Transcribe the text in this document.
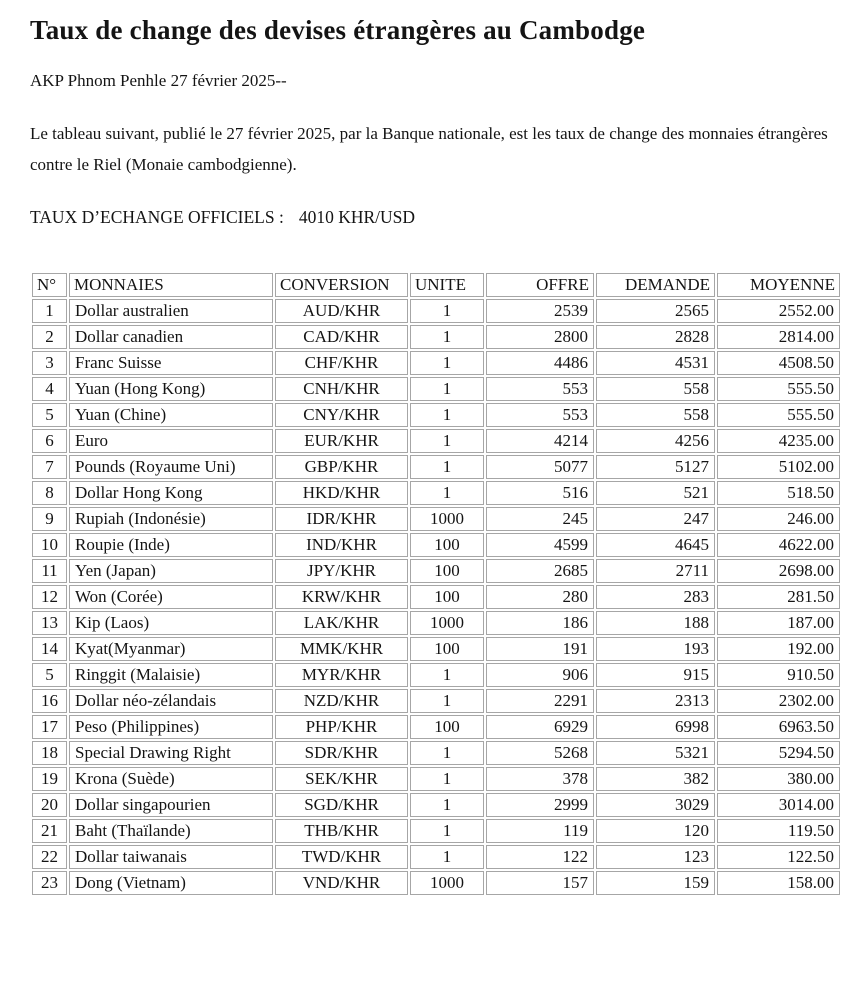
Taux de change des devises étrangères au Cambodge

AKP Phnom Penhle 27 février 2025--

Le tableau suivant, publié le 27 février 2025, par la Banque nationale, est les taux de change des monnaies étrangères contre le Riel (Monaie cambodgienne).

TAUX D’ECHANGE OFFICIELS : 4010 KHR/USD

N°	MONNAIES	CONVERSION	UNITE	OFFRE	DEMANDE	MOYENNE
1	Dollar australien	AUD/KHR	1	2539	2565	2552.00
2	Dollar canadien	CAD/KHR	1	2800	2828	2814.00
3	Franc Suisse	CHF/KHR	1	4486	4531	4508.50
4	Yuan (Hong Kong)	CNH/KHR	1	553	558	555.50
5	Yuan (Chine)	CNY/KHR	1	553	558	555.50
6	Euro	EUR/KHR	1	4214	4256	4235.00
7	Pounds (Royaume Uni)	GBP/KHR	1	5077	5127	5102.00
8	Dollar Hong Kong	HKD/KHR	1	516	521	518.50
9	Rupiah (Indonésie)	IDR/KHR	1000	245	247	246.00
10	Roupie (Inde)	IND/KHR	100	4599	4645	4622.00
11	Yen (Japan)	JPY/KHR	100	2685	2711	2698.00
12	Won (Corée)	KRW/KHR	100	280	283	281.50
13	Kip (Laos)	LAK/KHR	1000	186	188	187.00
14	Kyat(Myanmar)	MMK/KHR	100	191	193	192.00
5	Ringgit (Malaisie)	MYR/KHR	1	906	915	910.50
16	Dollar néo-zélandais	NZD/KHR	1	2291	2313	2302.00
17	Peso (Philippines)	PHP/KHR	100	6929	6998	6963.50
18	Special Drawing Right	SDR/KHR	1	5268	5321	5294.50
19	Krona (Suède)	SEK/KHR	1	378	382	380.00
20	Dollar singapourien	SGD/KHR	1	2999	3029	3014.00
21	Baht (Thaïlande)	THB/KHR	1	119	120	119.50
22	Dollar taiwanais	TWD/KHR	1	122	123	122.50
23	Dong (Vietnam)	VND/KHR	1000	157	159	158.00
